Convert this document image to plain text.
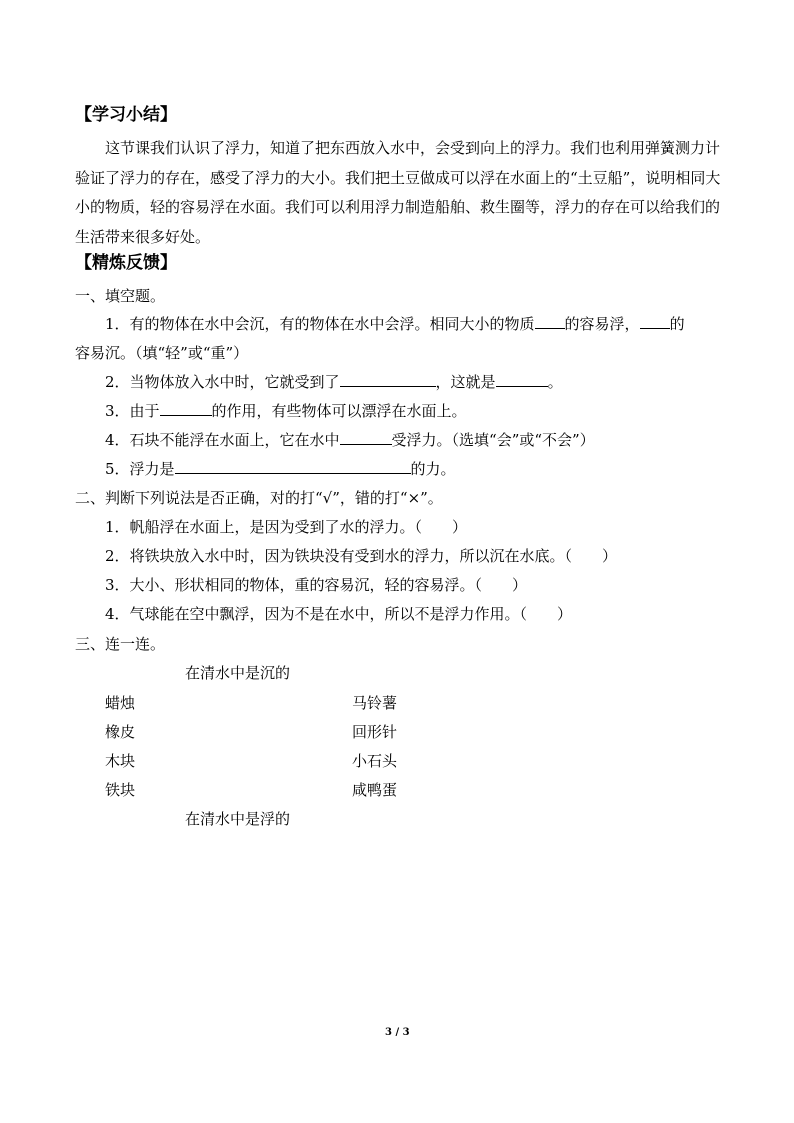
【学习小结】
这节课我们认识了浮力，知道了把东西放入水中，会受到向上的浮力。我们也利用弹簧测力计验证了浮力的存在，感受了浮力的大小。我们把土豆做成可以浮在水面上的“土豆船”，说明相同大小的物质，轻的容易浮在水面。我们可以利用浮力制造船舶、救生圈等，浮力的存在可以给我们的生活带来很多好处。
【精炼反馈】
一、填空题。
1．有的物体在水中会沉，有的物体在水中会浮。相同大小的物质 的容易浮， 的
容易沉。（填“轻”或“重”）
2．当物体放入水中时，它就受到了	，这就是	。
3．由于	的作用，有些物体可以漂浮在水面上。
4．石块不能浮在水面上，它在水中	受浮力。（选填“会”或“不会”）
5．浮力是	的力。
二、判断下列说法是否正确，对的打“√”，错的打“×”。
1．帆船浮在水面上，是因为受到了水的浮力。（　　）
2．将铁块放入水中时，因为铁块没有受到水的浮力，所以沉在水底。（　　）
3．大小、形状相同的物体，重的容易沉，轻的容易浮。（　　）
4．气球能在空中飘浮，因为不是在水中，所以不是浮力作用。（　　）
三、连一连。
在清水中是沉的
蜡烛
橡皮
木块
铁块
马铃薯
回形针
小石头
咸鸭蛋
在清水中是浮的
3 / 3
